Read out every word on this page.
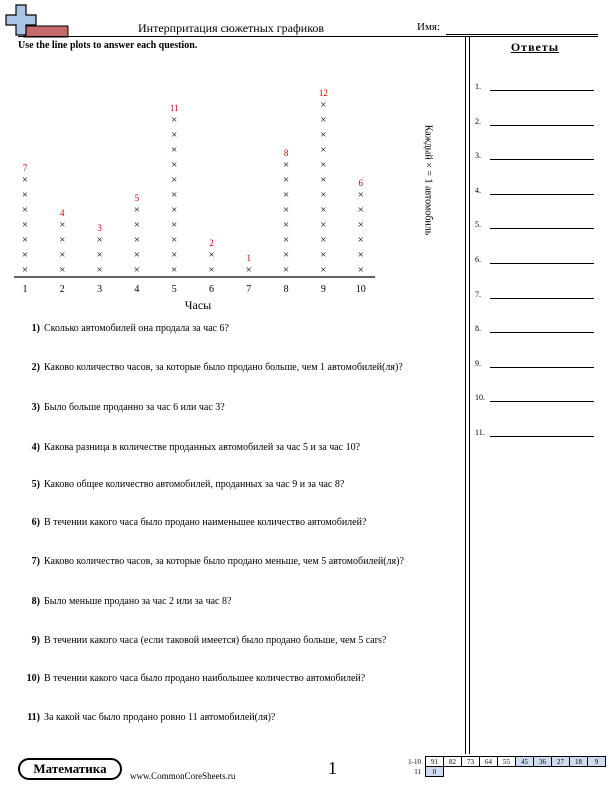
Интерпритация сюжетных графиков	Имя:
Use the line plots to answer each question.
×
×
×
×
×
×
×
7
1
×
×
×
×
4
2
×
×
×
3
3
×
×
×
×
×
5
4
×
×
×
×
×
×
×
×
×
×
×
11
5
×
×
2
6
×
1
7
×
×
×
×
×
×
×
×
8
8
×
×
×
×
×
×
×
×
×
×
×
×
12
9
×
×
×
×
×
×
6
10
Часы
Каждый × = 1 автомобиль
1) Сколько автомобилей она продала за час 6?
2) Каково количество часов, за которые было продано больше, чем 1 автомобилей(ля)?
3) Было больше проданно за час 6 или час 3?
4) Какова разница в количестве проданных автомобилей за час 5 и за час 10?
5) Каково общее количество автомобилей, проданных за час 9 и за час 8?
6) В течении какого часа было продано наименьшее количество автомобилей?
7) Каково количество часов, за которые было продано меньше, чем 5 автомобилей(ля)?
8) Было меньше продано за час 2 или за час 8?
9) В течении какого часа (если таковой имеется) было продано больше, чем 5 cars?
10) В течении какого часа было продано наибольшее количество автомобилей?
11) За какой час было продано ровно 11 автомобилей(ля)?
Ответы
1.
2.
3.
4.
5.
6.
7.
8.
9.
10.
11.
Математика	www.CommonCoreSheets.ru	1	1-10	91	82	73	64	55	45	36	27	18	9
11	0									
